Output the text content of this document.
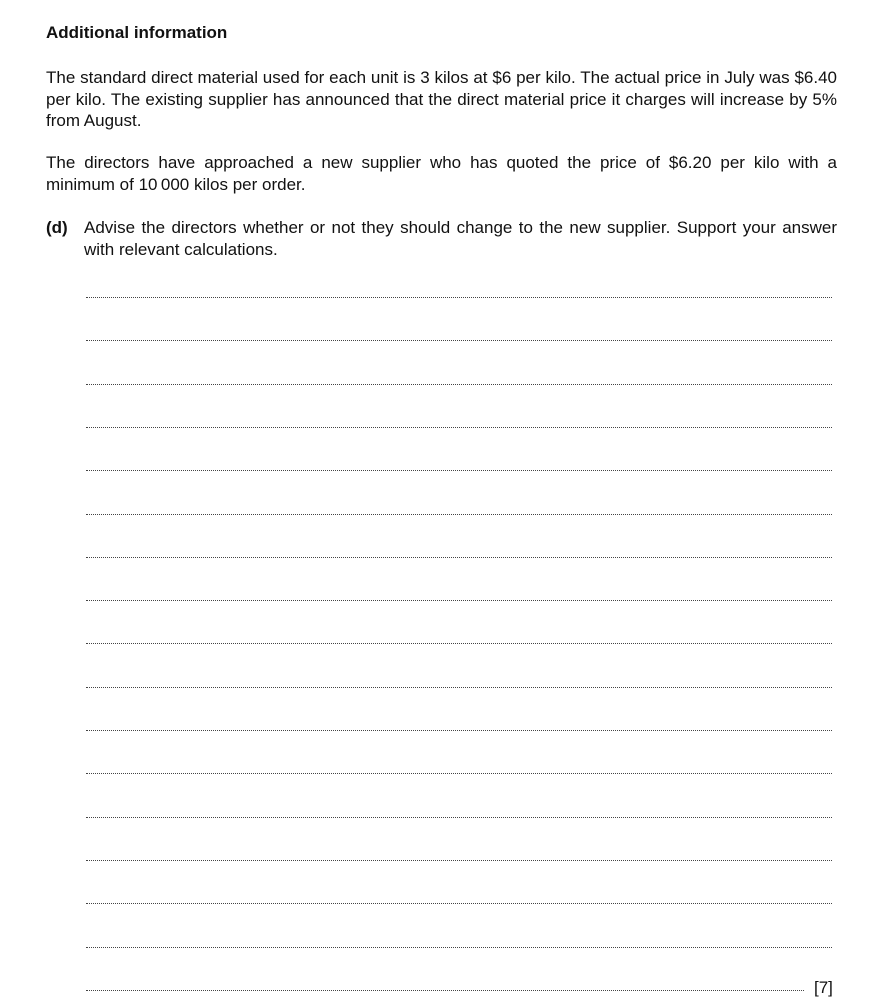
Additional information

The standard direct material used for each unit is 3 kilos at $6 per kilo. The actual price in July was $6.40 per kilo. The existing supplier has announced that the direct material price it charges will increase by 5% from August.

The directors have approached a new supplier who has quoted the price of $6.20 per kilo with a minimum of 10 000 kilos per order.

(d) Advise the directors whether or not they should change to the new supplier. Support your answer with relevant calculations.

[7]
